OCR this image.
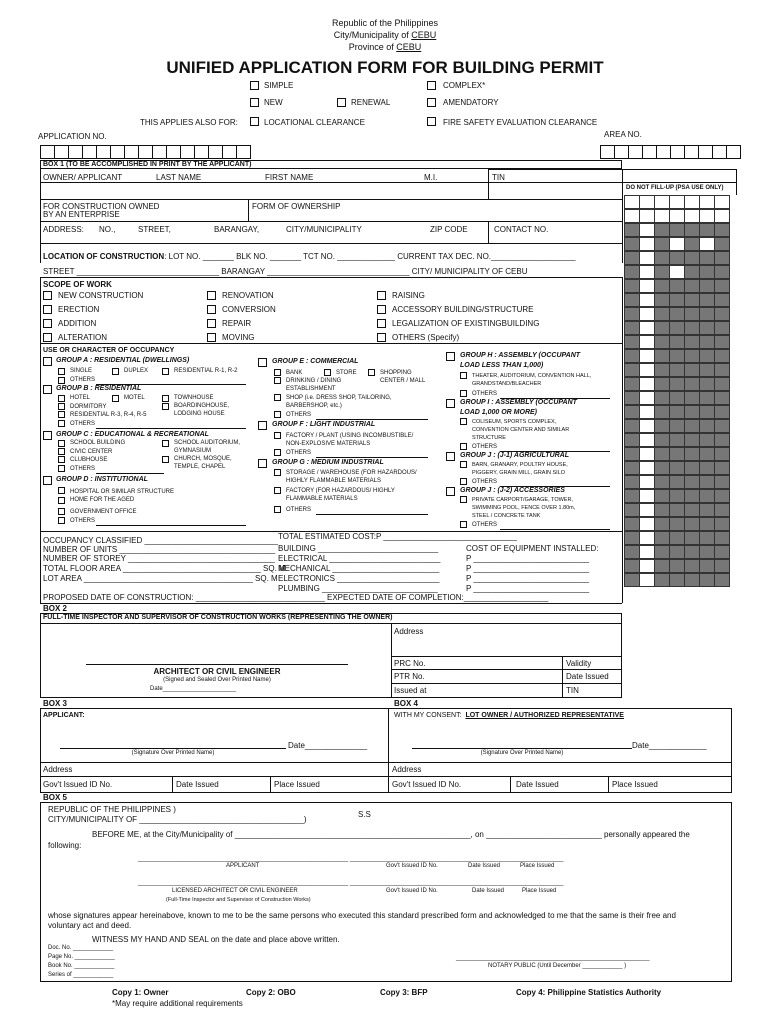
Republic of the Philippines
City/Municipality of CEBU
Province of CEBU
UNIFIED APPLICATION FORM FOR BUILDING PERMIT
SIMPLE	COMPLEX*
NEW	RENEWAL	AMENDATORY
THIS APPLIES ALSO FOR:	LOCATIONAL CLEARANCE	FIRE SAFETY EVALUATION CLEARANCE
APPLICATION NO.	AREA NO.
BOX 1 (TO BE ACCOMPLISHED IN PRINT BY THE APPLICANT)
OWNER/ APPLICANT	LAST NAME	FIRST NAME	M.I.	TIN
DO NOT FILL-UP (PSA USE ONLY)
FOR CONSTRUCTION OWNED
BY AN ENTERPRISE
FORM OF OWNERSHIP
ADDRESS: NO.,	STREET,	BARANGAY,	CITY/MUNICIPALITY	ZIP CODE	CONTACT NO.
LOCATION OF CONSTRUCTION: LOT NO. _______ BLK NO. _______ TCT NO. _____________ CURRENT TAX DEC. NO.___________________
STREET ________________________________ BARANGAY ________________________________ CITY/ MUNICIPALITY OF CEBU
SCOPE OF WORK
NEW CONSTRUCTION
ERECTION
ADDITION
ALTERATION
RENOVATION
CONVERSION
REPAIR
MOVING
RAISING
ACCESSORY BUILDING/STRUCTURE
LEGALIZATION OF EXISTINGBUILDING
OTHERS (Specify)
USE OR CHARACTER OF OCCUPANCY
GROUP A : RESIDENTIAL (DWELLINGS)
SINGLE	DUPLEX	RESIDENTIAL R-1, R-2
OTHERS
GROUP B : RESIDENTIAL
HOTEL	MOTEL	TOWNHOUSE
DORMITORY	BOARDINGHOUSE,
LODGING HOUSE
RESIDENTIAL R-3, R-4, R-5
OTHERS
GROUP C : EDUCATIONAL & RECREATIONAL
SCHOOL BUILDING	SCHOOL AUDITORIUM,
GYMNASIUM
CIVIC CENTER
CHURCH, MOSQUE,
TEMPLE, CHAPEL
CLUBHOUSE
OTHERS
GROUP D : INSTITUTIONAL
HOSPITAL OR SIMILAR STRUCTURE
HOME FOR THE AGED
GOVERNMENT OFFICE
OTHERS
GROUP E : COMMERCIAL
BANK	STORE	SHOPPING
CENTER / MALL
DRINKING / DINING
ESTABLISHMENT
SHOP (i.e. DRESS SHOP, TAILORING,
BARBERSHOP, etc.)
OTHERS
GROUP F : LIGHT INDUSTRIAL
FACTORY / PLANT (USING INCOMBUSTIBLE/
NON-EXPLOSIVE MATERIALS
OTHERS
GROUP G : MEDIUM INDUSTRIAL
STORAGE / WAREHOUSE (FOR HAZARDOUS/
HIGHLY FLAMMABLE MATERIALS
FACTORY (FOR HAZARDOUS/ HIGHLY
FLAMMABLE MATERIALS
OTHERS
GROUP H : ASSEMBLY (OCCUPANT
LOAD LESS THAN 1,000)
THEATER, AUDITORIUM, CONVENTION HALL,
GRANDSTAND/BLEACHER
OTHERS
GROUP I : ASSEMBLY (OCCUPANT
LOAD 1,000 OR MORE)
COLISEUM, SPORTS COMPLEX,
CONVENTION CENTER AND SIMILAR
STRUCTURE
OTHERS
GROUP J : (J-1) AGRICULTURAL
BARN, GRANARY, POULTRY HOUSE,
PIGGERY, GRAIN MILL, GRAIN SILO
OTHERS
GROUP J : (J-2) ACCESSORIES
PRIVATE CARPORT/GARAGE, TOWER,
SWIMMING POOL, FENCE OVER 1.80m,
STEEL / CONCRETE TANK
OTHERS
OCCUPANCY CLASSIFIED ______________________________
NUMBER OF UNITS ___________________________________
NUMBER OF STOREY _________________________________
TOTAL FLOOR AREA _______________________________ SQ. M.
LOT AREA ______________________________________ SQ. M
TOTAL ESTIMATED COST:P ______________________________
BUILDING ___________________________
ELECTRICAL _________________________
MECHANICAL ________________________
ELECTRONICS _______________________
PLUMBING __________________________
COST OF EQUIPMENT INSTALLED:
P __________________________
P __________________________
P __________________________
P __________________________
PROPOSED DATE OF CONSTRUCTION: _____________________________ EXPECTED DATE OF COMPLETION:___________________
BOX 2
FULL-TIME INSPECTOR AND SUPERVISOR OF CONSTRUCTION WORKS (REPRESENTING THE OWNER)
Address
ARCHITECT OR CIVIL ENGINEER
(Signed and Sealed Over Printed Name)
Date______________________
PRC No.	Validity
PTR No.	Date Issued
Issued at	TIN
BOX 3	BOX 4
APPLICANT:	WITH MY CONSENT: LOT OWNER / AUTHORIZED REPRESENTATIVE
Date______________
(Signature Over Printed Name)
Date_____________
(Signature Over Printed Name)
Address	Address
Gov't Issued ID No.	Date Issued	Place Issued	Gov't Issued ID No.	Date Issued	Place Issued
BOX 5
REPUBLIC OF THE PHILIPPINES )
CITY/MUNICIPALITY OF _____________________________________)
S.S
BEFORE ME, at the City/Municipality of _____________________________________________________, on __________________________ personally appeared the
following:
_______________________________________________________________ ________________________________________________________________
APPLICANT	Gov't Issued ID No.	Date Issued	Place Issued
_______________________________________________________________ ________________________________________________________________
LICENSED ARCHITECT OR CIVIL ENGINEER	Gov't Issued ID No.	Date Issued	Place Issued
(Full-Time Inspector and Supervisor of Construction Works)
whose signatures appear hereinabove, known to me to be the same persons who executed this standard prescribed form and acknowledged to me that the same is their free and
voluntary act and deed.
WITNESS MY HAND AND SEAL on the date and place above written.
Doc. No. ____________
Page No. ____________
Book No. ____________
Series of ____________
__________________________________________________________
NOTARY PUBLIC (Until December ____________ )
Copy 1: Owner	Copy 2: OBO	Copy 3: BFP	Copy 4: Philippine Statistics Authority
*May require additional requirements
